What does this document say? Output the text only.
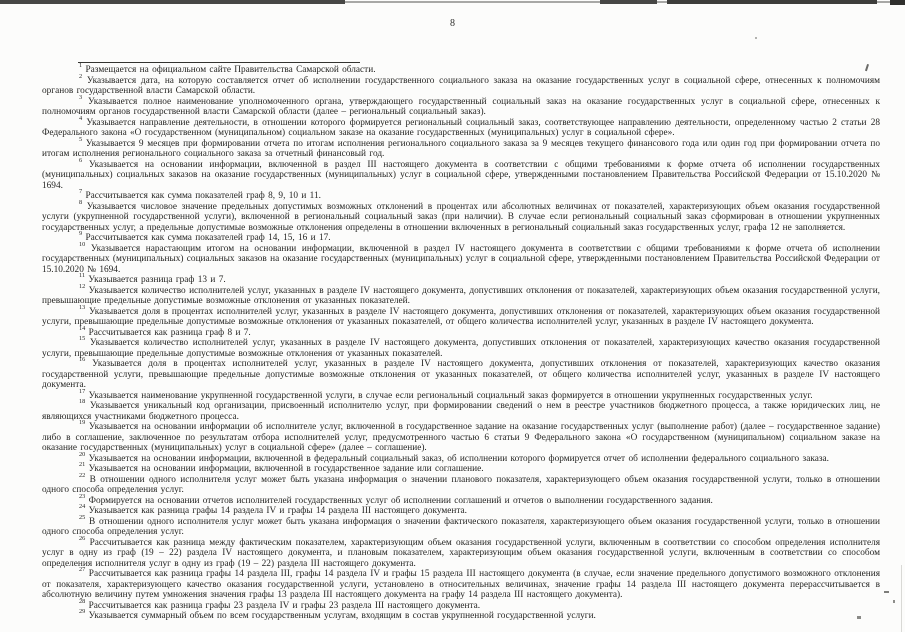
8

$^1$ Размещается на официальном сайте Правительства Самарской области.

$^2$ Указывается дата, на которую составляется отчет об исполнении государственного социального заказа на оказание государственных услуг в социальной сфере, отнесенных к полномочиям органов государственной власти Самарской области.

$^3$ Указывается полное наименование уполномоченного органа, утверждающего государственный социальный заказ на оказание государственных услуг в социальной сфере, отнесенных к полномочиям органов государственной власти Самарской области (далее – региональный социальный заказ).

$^4$ Указывается направление деятельности, в отношении которого формируется региональный социальный заказ, соответствующее направлению деятельности, определенному частью 2 статьи 28 Федерального закона «О государственном (муниципальном) социальном заказе на оказание государственных (муниципальных) услуг в социальной сфере».

$^5$ Указывается 9 месяцев при формировании отчета по итогам исполнения регионального социального заказа за 9 месяцев текущего финансового года или один год при формировании отчета по итогам исполнения регионального социального заказа за отчетный финансовый год.

$^6$ Указывается на основании информации, включенной в раздел III настоящего документа в соответствии с общими требованиями к форме отчета об исполнении государственных (муниципальных) социальных заказов на оказание государственных (муниципальных) услуг в социальной сфере, утвержденными постановлением Правительства Российской Федерации от 15.10.2020 № 1694.

$^7$ Рассчитывается как сумма показателей граф 8, 9, 10 и 11.

$^8$ Указывается числовое значение предельных допустимых возможных отклонений в процентах или абсолютных величинах от показателей, характеризующих объем оказания государственной услуги (укрупненной государственной услуги), включенной в региональный социальный заказ (при наличии). В случае если региональный социальный заказ сформирован в отношении укрупненных государственных услуг, а предельные допустимые возможные отклонения определены в отношении включенных в региональный социальный заказ государственных услуг, графа 12 не заполняется.

$^9$ Рассчитывается как сумма показателей граф 14, 15, 16 и 17.

$^{10}$ Указывается нарастающим итогом на основании информации, включенной в раздел IV настоящего документа в соответствии с общими требованиями к форме отчета об исполнении государственных (муниципальных) социальных заказов на оказание государственных (муниципальных) услуг в социальной сфере, утвержденными постановлением Правительства Российской Федерации от 15.10.2020 № 1694.

$^{11}$ Указывается разница граф 13 и 7.

$^{12}$ Указывается количество исполнителей услуг, указанных в разделе IV настоящего документа, допустивших отклонения от показателей, характеризующих объем оказания государственной услуги, превышающие предельные допустимые возможные отклонения от указанных показателей.

$^{13}$ Указывается доля в процентах исполнителей услуг, указанных в разделе IV настоящего документа, допустивших отклонения от показателей, характеризующих объем оказания государственной услуги, превышающие предельные допустимые возможные отклонения от указанных показателей, от общего количества исполнителей услуг, указанных в разделе IV настоящего документа.

$^{14}$ Рассчитывается как разница граф 8 и 7.

$^{15}$ Указывается количество исполнителей услуг, указанных в разделе IV настоящего документа, допустивших отклонения от показателей, характеризующих качество оказания государственной услуги, превышающие предельные допустимые возможные отклонения от указанных показателей.

$^{16}$ Указывается доля в процентах исполнителей услуг, указанных в разделе IV настоящего документа, допустивших отклонения от показателей, характеризующих качество оказания государственной услуги, превышающие предельные допустимые возможные отклонения от указанных показателей, от общего количества исполнителей услуг, указанных в разделе IV настоящего документа.

$^{17}$ Указывается наименование укрупненной государственной услуги, в случае если региональный социальный заказ формируется в отношении укрупненных государственных услуг.

$^{18}$ Указывается уникальный код организации, присвоенный исполнителю услуг, при формировании сведений о нем в реестре участников бюджетного процесса, а также юридических лиц, не являющихся участниками бюджетного процесса.

$^{19}$ Указывается на основании информации об исполнителе услуг, включенной в государственное задание на оказание государственных услуг (выполнение работ) (далее – государственное задание) либо в соглашение, заключенное по результатам отбора исполнителей услуг, предусмотренного частью 6 статьи 9 Федерального закона «О государственном (муниципальном) социальном заказе на оказание государственных (муниципальных) услуг в социальной сфере» (далее – соглашение).

$^{20}$ Указывается на основании информации, включенной в федеральный социальный заказ, об исполнении которого формируется отчет об исполнении федерального социального заказа.

$^{21}$ Указывается на основании информации, включенной в государственное задание или соглашение.

$^{22}$ В отношении одного исполнителя услуг может быть указана информация о значении планового показателя, характеризующего объем оказания государственной услуги, только в отношении одного способа определения услуг.

$^{23}$ Формируется на основании отчетов исполнителей государственных услуг об исполнении соглашений и отчетов о выполнении государственного задания.

$^{24}$ Указывается как разница графы 14 раздела IV и графы 14 раздела III настоящего документа.

$^{25}$ В отношении одного исполнителя услуг может быть указана информация о значении фактического показателя, характеризующего объем оказания государственной услуги, только в отношении одного способа определения услуг.

$^{26}$ Рассчитывается как разница между фактическим показателем, характеризующим объем оказания государственной услуги, включенным в соответствии со способом определения исполнителя услуг в одну из граф (19 – 22) раздела IV настоящего документа, и плановым показателем, характеризующим объем оказания государственной услуги, включенным в соответствии со способом определения исполнителя услуг в одну из граф (19 – 22) раздела III настоящего документа.

$^{27}$ Рассчитывается как разница графы 14 раздела III, графы 14 раздела IV и графы 15 раздела III настоящего документа (в случае, если значение предельного допустимого возможного отклонения от показателя, характеризующего качество оказания государственной услуги, установлено в относительных величинах, значение графы 14 раздела III настоящего документа перерассчитывается в абсолютную величину путем умножения значения графы 13 раздела III настоящего документа на графу 14 раздела III настоящего документа).

$^{28}$ Рассчитывается как разница графы 23 раздела IV и графы 23 раздела III настоящего документа.

$^{29}$ Указывается суммарный объем по всем государственным услугам, входящим в состав укрупненной государственной услуги.
